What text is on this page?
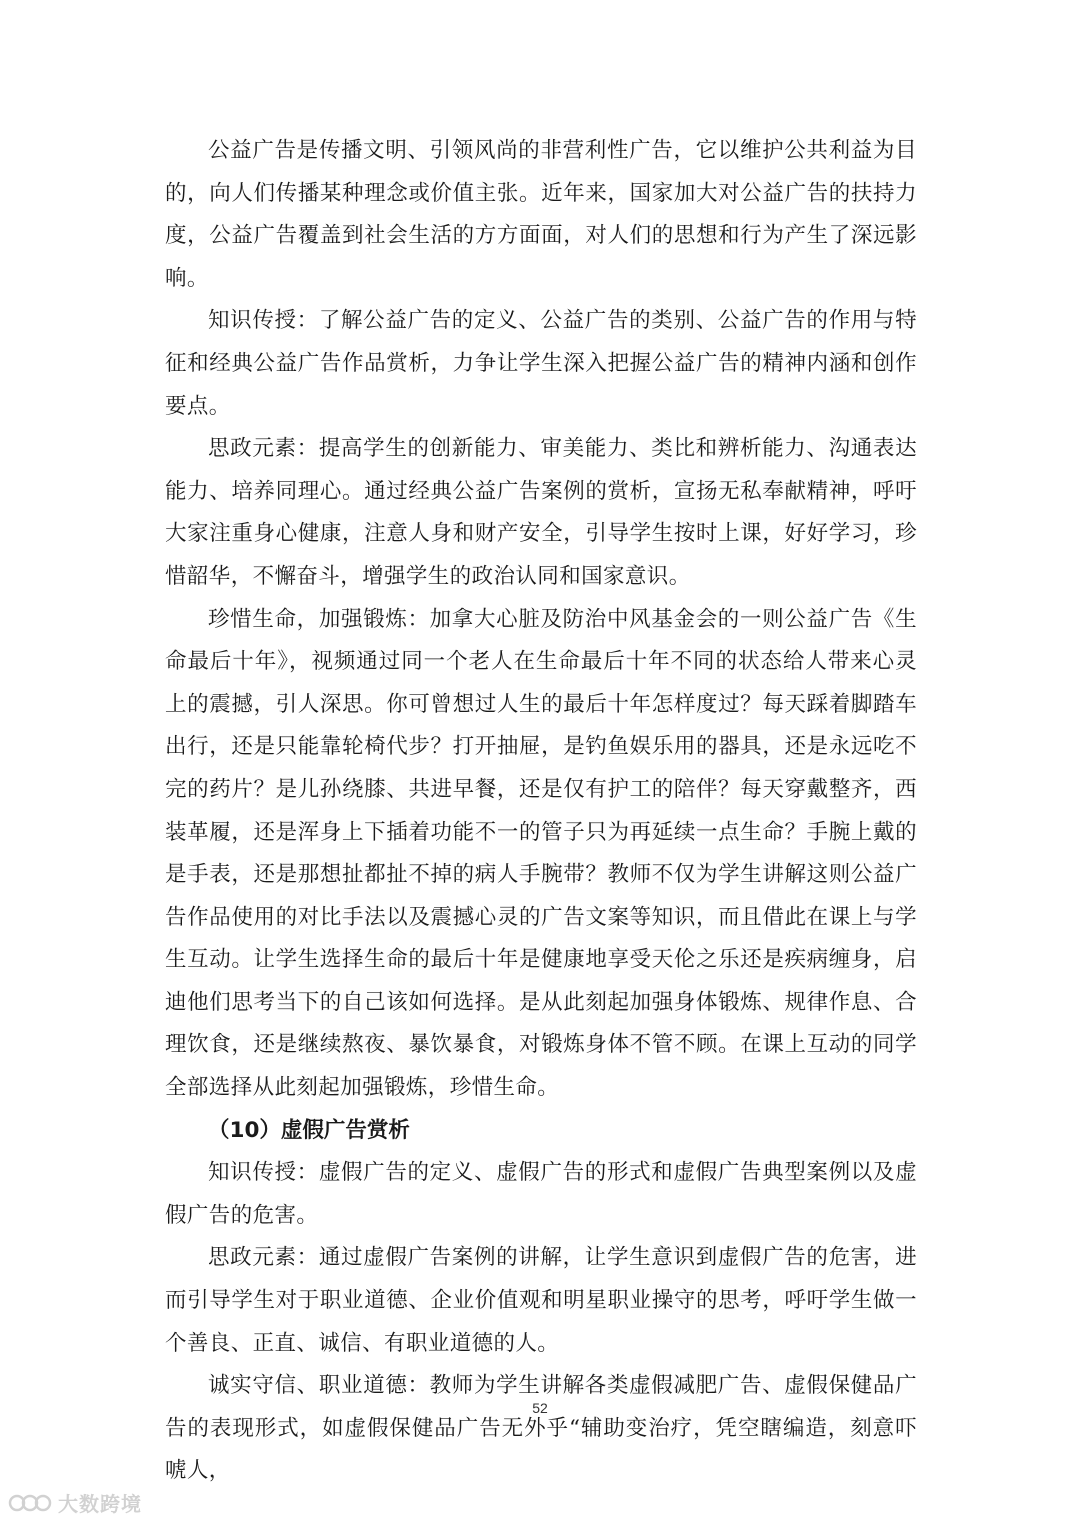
公益广告是传播文明、引领风尚的非营利性广告，它以维护公共利益为目的，向人们传播某种理念或价值主张。近年来，国家加大对公益广告的扶持力度，公益广告覆盖到社会生活的方方面面，对人们的思想和行为产生了深远影响。

知识传授：了解公益广告的定义、公益广告的类别、公益广告的作用与特征和经典公益广告作品赏析，力争让学生深入把握公益广告的精神内涵和创作要点。

思政元素：提高学生的创新能力、审美能力、类比和辨析能力、沟通表达能力、培养同理心。通过经典公益广告案例的赏析，宣扬无私奉献精神，呼吁大家注重身心健康，注意人身和财产安全，引导学生按时上课，好好学习，珍惜韶华，不懈奋斗，增强学生的政治认同和国家意识。

珍惜生命，加强锻炼：加拿大心脏及防治中风基金会的一则公益广告《生命最后十年》，视频通过同一个老人在生命最后十年不同的状态给人带来心灵上的震撼，引人深思。你可曾想过人生的最后十年怎样度过？每天踩着脚踏车出行，还是只能靠轮椅代步？打开抽屉，是钓鱼娱乐用的器具，还是永远吃不完的药片？是儿孙绕膝、共进早餐，还是仅有护工的陪伴？每天穿戴整齐，西装革履，还是浑身上下插着功能不一的管子只为再延续一点生命？手腕上戴的是手表，还是那想扯都扯不掉的病人手腕带？教师不仅为学生讲解这则公益广告作品使用的对比手法以及震撼心灵的广告文案等知识，而且借此在课上与学生互动。让学生选择生命的最后十年是健康地享受天伦之乐还是疾病缠身，启迪他们思考当下的自己该如何选择。是从此刻起加强身体锻炼、规律作息、合理饮食，还是继续熬夜、暴饮暴食，对锻炼身体不管不顾。在课上互动的同学全部选择从此刻起加强锻炼，珍惜生命。

（10）虚假广告赏析

知识传授：虚假广告的定义、虚假广告的形式和虚假广告典型案例以及虚假广告的危害。

思政元素：通过虚假广告案例的讲解，让学生意识到虚假广告的危害，进而引导学生对于职业道德、企业价值观和明星职业操守的思考，呼吁学生做一个善良、正直、诚信、有职业道德的人。

诚实守信、职业道德：教师为学生讲解各类虚假减肥广告、虚假保健品广告的表现形式，如虚假保健品广告无外乎“辅助变治疗，凭空瞎编造，刻意吓唬人，

52
大数跨境
